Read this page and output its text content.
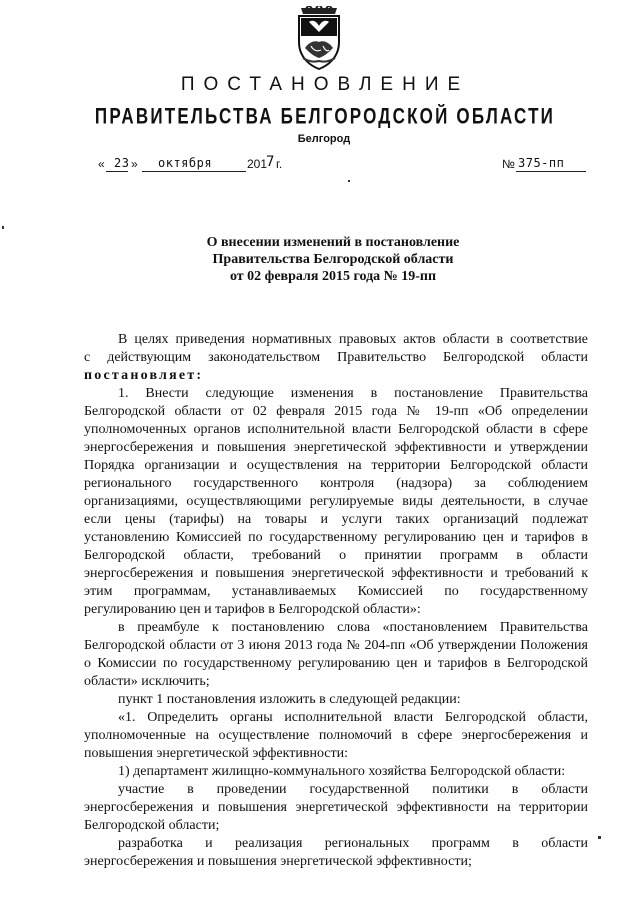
ПОСТАНОВЛЕНИЕ
ПРАВИТЕЛЬСТВА БЕЛГОРОДСКОЙ ОБЛАСТИ
Белгород
« 23 » октября	201
7 г.	№ 375-пп
О внесении изменений в постановление
Правительства Белгородской области
от 02 февраля 2015 года № 19-пп
В целях приведения нормативных правовых актов области в соответствие
с действующим законодательством Правительство Белгородской области
постановляет:
1. Внести следующие изменения в постановление Правительства
Белгородской области от 02 февраля 2015 года № 19-пп «Об определении
уполномоченных органов исполнительной власти Белгородской области в сфере
энергосбережения и повышения энергетической эффективности и утверждении
Порядка организации и осуществления на территории Белгородской области
регионального государственного контроля (надзора) за соблюдением
организациями, осуществляющими регулируемые виды деятельности, в случае
если цены (тарифы) на товары и услуги таких организаций подлежат
установлению Комиссией по государственному регулированию цен и тарифов в
Белгородской области, требований о принятии программ в области
энергосбережения и повышения энергетической эффективности и требований к
этим программам, устанавливаемых Комиссией по государственному
регулированию цен и тарифов в Белгородской области»:
в преамбуле к постановлению слова «постановлением Правительства
Белгородской области от 3 июня 2013 года № 204-пп «Об утверждении Положения
о Комиссии по государственному регулированию цен и тарифов в Белгородской
области» исключить;
пункт 1 постановления изложить в следующей редакции:
«1. Определить органы исполнительной власти Белгородской области,
уполномоченные на осуществление полномочий в сфере энергосбережения и
повышения энергетической эффективности:
1) департамент жилищно-коммунального хозяйства Белгородской области:
участие в проведении государственной политики в области
энергосбережения и повышения энергетической эффективности на территории
Белгородской области;
разработка и реализация региональных программ в области
энергосбережения и повышения энергетической эффективности;
